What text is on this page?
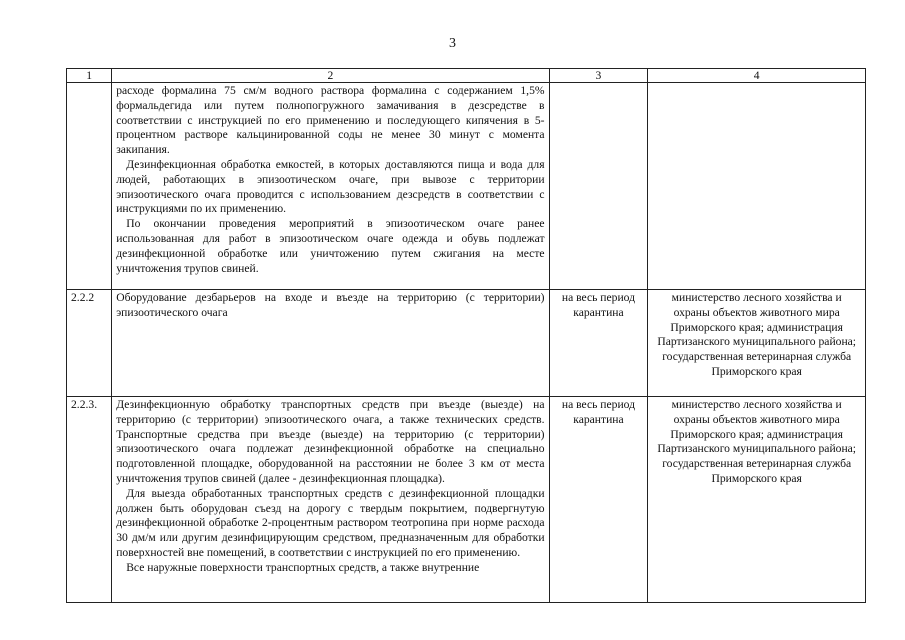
3
1	2	3	4

	расходе формалина 75 см/м водного раствора формалина с содержанием 1,5% формальдегида или путем полнопогружного замачивания в дезсредстве в соответствии с инструкцией по его применению и последующего кипячения в 5-процентном растворе кальцинированной соды не менее 30 минут с момента закипания.

Дезинфекционная обработка емкостей, в которых доставляются пища и вода для людей, работающих в эпизоотическом очаге, при вывозе с территории эпизоотического очага проводится с использованием дезсредств в соответствии с инструкциями по их применению.

По окончании проведения мероприятий в эпизоотическом очаге ранее использованная для работ в эпизоотическом очаге одежда и обувь подлежат дезинфекционной обработке или уничтожению путем сжигания на месте уничтожения трупов свиней.		

2.2.2	Оборудование дезбарьеров на входе и въезде на территорию (с территории) эпизоотического очага	на весь период карантина	министерство лесного хозяйства и охраны объектов животного мира Приморского края; администрация Партизанского муниципального района; государственная ветеринарная служба Приморского края
2.2.3.	Дезинфекционную обработку транспортных средств при въезде (выезде) на территорию (с территории) эпизоотического очага, а также технических средств. Транспортные средства при въезде (выезде) на территорию (с территории) эпизоотического очага подлежат дезинфекционной обработке на специально подготовленной площадке, оборудованной на расстоянии не более 3 км от места уничтожения трупов свиней (далее - дезинфекционная площадка).

Для выезда обработанных транспортных средств с дезинфекционной площадки должен быть оборудован съезд на дорогу с твердым покрытием, подвергнутую дезинфекционной обработке 2-процентным раствором теотропина при норме расхода 30 дм/м или другим дезинфицирующим средством, предназначенным для обработки поверхностей вне помещений, в соответствии с инструкцией по его применению.

Все наружные поверхности транспортных средств, а также внутренние	на весь период карантина	министерство лесного хозяйства и охраны объектов животного мира Приморского края; администрация Партизанского муниципального района; государственная ветеринарная служба Приморского края
